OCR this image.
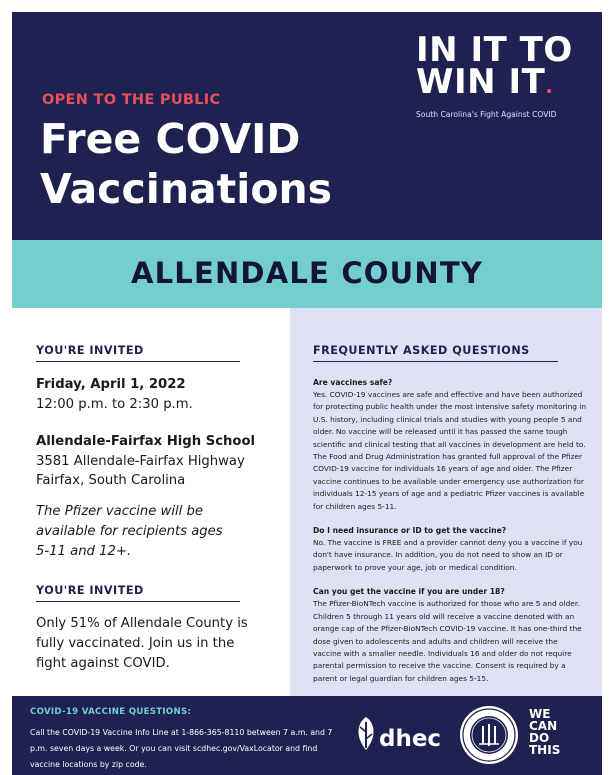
OPEN TO THE PUBLIC
Free COVID
Vaccinations
IN IT TO
WIN IT.
South Carolina's Fight Against COVID
ALLENDALE COUNTY
YOU'RE INVITED
Friday, April 1, 2022
12:00 p.m. to 2:30 p.m.
Allendale-Fairfax High School
3581 Allendale-Fairfax Highway
Fairfax, South Carolina
The Pfizer vaccine will be available for recipients ages 5-11 and 12+.
YOU'RE INVITED
Only 51% of Allendale County is fully vaccinated. Join us in the fight against COVID.
FREQUENTLY ASKED QUESTIONS
Are vaccines safe?
Yes. COVID-19 vaccines are safe and effective and have been authorized for protecting public health under the most intensive safety monitoring in U.S. history, including clinical trials and studies with young people 5 and older. No vaccine will be released until it has passed the same tough scientific and clinical testing that all vaccines in development are held to. The Food and Drug Administration has granted full approval of the Pfizer COVID-19 vaccine for individuals 16 years of age and older. The Pfizer vaccine continues to be available under emergency use authorization for individuals 12-15 years of age and a pediatric Pfizer vaccines is available for children ages 5-11.
Do I need insurance or ID to get the vaccine?
No. The vaccine is FREE and a provider cannot deny you a vaccine if you don't have insurance. In addition, you do not need to show an ID or paperwork to prove your age, job or medical condition.
Can you get the vaccine if you are under 18?
The Pfizer-BioNTech vaccine is authorized for those who are 5 and older. Children 5 through 11 years old will receive a vaccine denoted with an orange cap of the Pfizer-BioNTech COVID-19 vaccine. It has one-third the dose given to adolescents and adults and children will receive the vaccine with a smaller needle. Individuals 16 and older do not require parental permission to receive the vaccine. Consent is required by a parent or legal guardian for children ages 5-15.
COVID-19 VACCINE QUESTIONS:
Call the COVID-19 Vaccine Info Line at 1-866-365-8110 between 7 a.m. and 7 p.m. seven days a week. Or you can visit scdhec.gov/VaxLocator and find vaccine locations by zip code.
dhec
WE
CAN
DO
THIS
